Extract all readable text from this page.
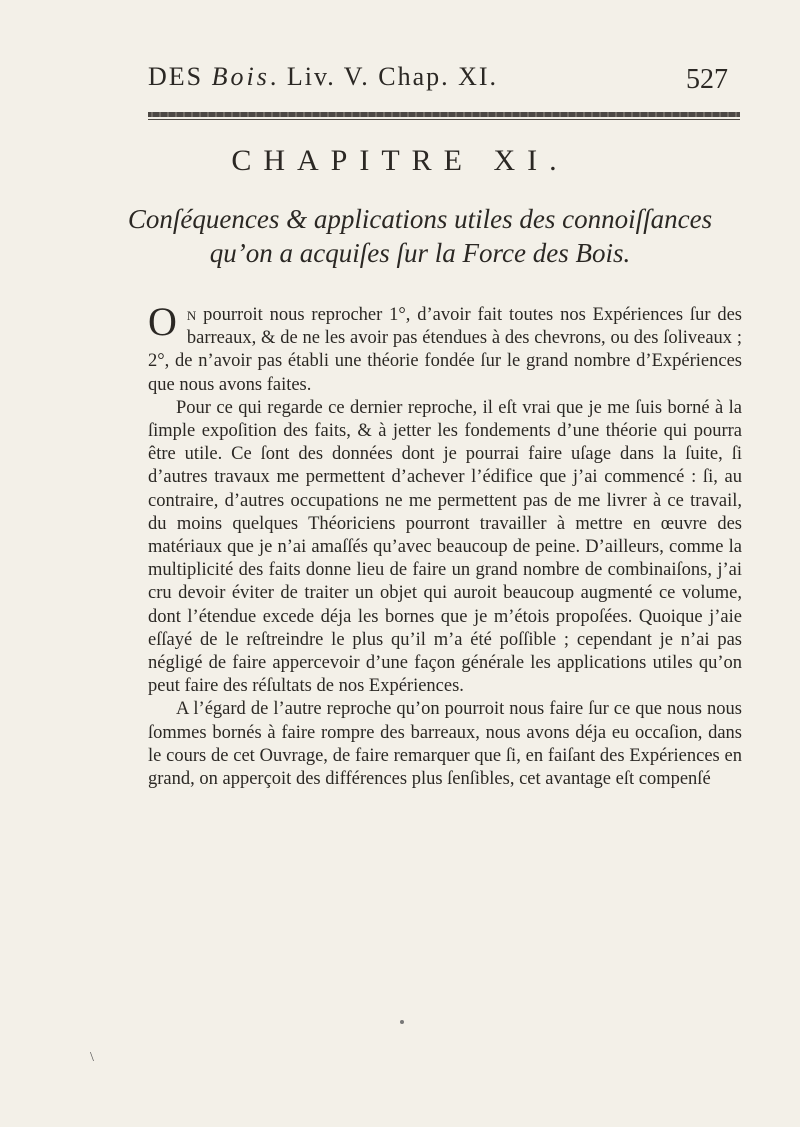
DES Bois. Liv. V. Chap. XI.	527
CHAPITRE XI.
Conſéquences & applications utiles des connoiſſances qu’on a acquiſes ſur la Force des Bois.

On pourroit nous reprocher 1°, d’avoir fait toutes nos Expériences ſur des barreaux, & de ne les avoir pas étendues à des chevrons, ou des ſoliveaux ; 2°, de n’avoir pas établi une théorie fondée ſur le grand nombre d’Expériences que nous avons faites.

Pour ce qui regarde ce dernier reproche, il eſt vrai que je me ſuis borné à la ſimple expoſition des faits, & à jetter les fondements d’une théorie qui pourra être utile. Ce ſont des données dont je pourrai faire uſage dans la ſuite, ſi d’autres travaux me permettent d’achever l’édifice que j’ai commencé : ſi, au contraire, d’autres occupations ne me permettent pas de me livrer à ce travail, du moins quelques Théoriciens pourront travailler à mettre en œuvre des matériaux que je n’ai amaſſés qu’avec beaucoup de peine. D’ailleurs, comme la multiplicité des faits donne lieu de faire un grand nombre de combinaiſons, j’ai cru devoir éviter de traiter un objet qui auroit beaucoup augmenté ce volume, dont l’étendue excede déja les bornes que je m’étois propoſées. Quoique j’aie eſſayé de le reſtreindre le plus qu’il m’a été poſſible ; cependant je n’ai pas négligé de faire appercevoir d’une façon générale les applications utiles qu’on peut faire des réſultats de nos Expériences.

A l’égard de l’autre reproche qu’on pourroit nous faire ſur ce que nous nous ſommes bornés à faire rompre des barreaux, nous avons déja eu occaſion, dans le cours de cet Ouvrage, de faire remarquer que ſi, en faiſant des Expériences en grand, on apperçoit des différences plus ſenſibles, cet avantage eſt compenſé

\
